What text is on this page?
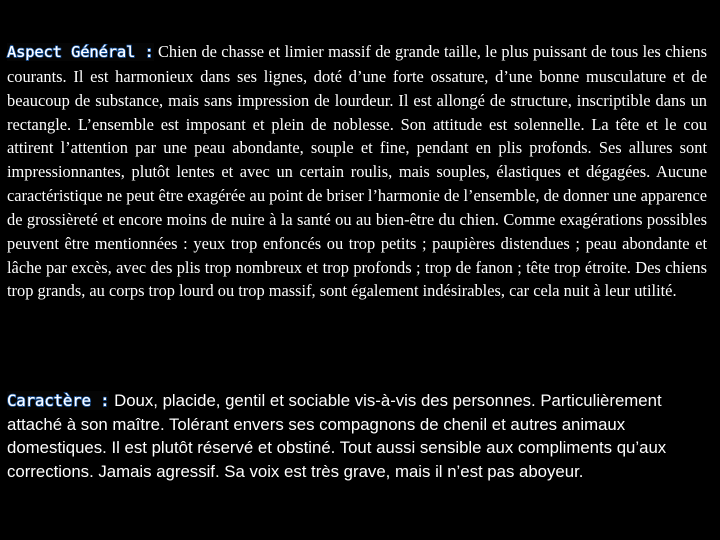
Aspect Général : Chien de chasse et limier massif de grande taille, le plus puissant de tous les chiens courants. Il est harmonieux dans ses lignes, doté d’une forte ossature, d’une bonne musculature et de beaucoup de substance, mais sans impression de lourdeur. Il est allongé de structure, inscriptible dans un rectangle. L’ensemble est imposant et plein de noblesse. Son attitude est solennelle. La tête et le cou attirent l’attention par une peau abondante, souple et fine, pendant en plis profonds. Ses allures sont impressionnantes, plutôt lentes et avec un certain roulis, mais souples, élastiques et dégagées. Aucune caractéristique ne peut être exagérée au point de briser l’harmonie de l’ensemble, de donner une apparence de grossièreté et encore moins de nuire à la santé ou au bien-être du chien. Comme exagérations possibles peuvent être mentionnées : yeux trop enfoncés ou trop petits ; paupières distendues ; peau abondante et lâche par excès, avec des plis trop nombreux et trop profonds ; trop de fanon ; tête trop étroite. Des chiens trop grands, au corps trop lourd ou trop massif, sont également indésirables, car cela nuit à leur utilité.

Caractère : Doux, placide, gentil et sociable vis-à-vis des personnes. Particulièrement attaché à son maître. Tolérant envers ses compagnons de chenil et autres animaux domestiques. Il est plutôt réservé et obstiné. Tout aussi sensible aux compliments qu’aux corrections. Jamais agressif. Sa voix est très grave, mais il n’est pas aboyeur.
